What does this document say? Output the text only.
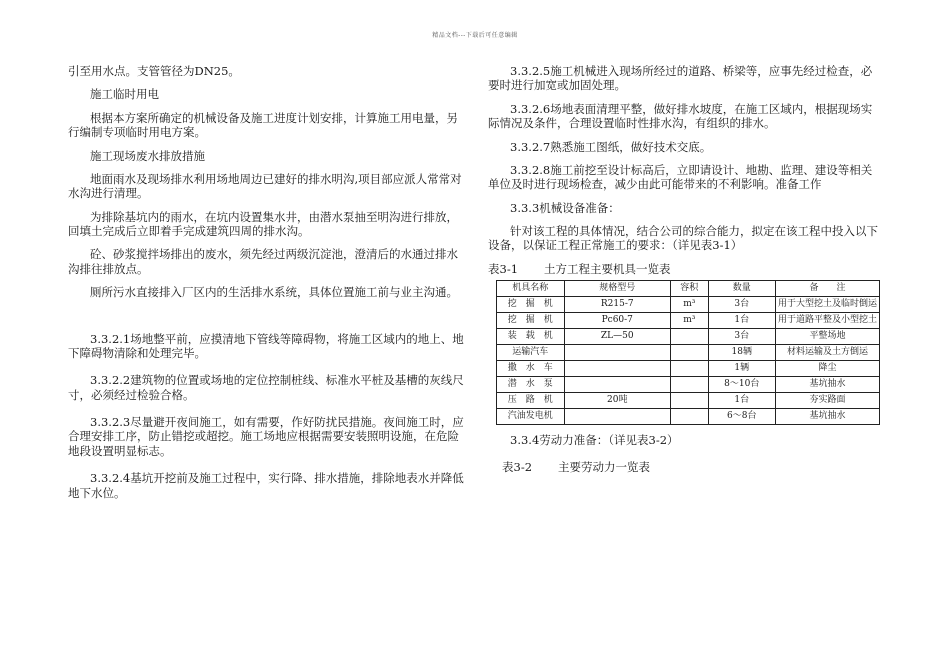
精品文档---下载后可任意编辑

引至用水点。支管管径为DN25。

施工临时用电

根据本方案所确定的机械设备及施工进度计划安排，计算施工用电量，另行编制专项临时用电方案。

施工现场废水排放措施

地面雨水及现场排水利用场地周边已建好的排水明沟,项目部应派人常常对水沟进行清理。

为排除基坑内的雨水，在坑内设置集水井，由潜水泵抽至明沟进行排放，回填土完成后立即着手完成建筑四周的排水沟。

砼、砂浆搅拌场排出的废水，须先经过两级沉淀池，澄清后的水通过排水沟排往排放点。

厕所污水直接排入厂区内的生活排水系统，具体位置施工前与业主沟通。

3.3.2.1场地整平前，应摸清地下管线等障碍物，将施工区域内的地上、地下障碍物清除和处理完毕。

3.3.2.2建筑物的位置或场地的定位控制桩线、标准水平桩及基槽的灰线尺寸，必须经过检验合格。

3.3.2.3尽量避开夜间施工，如有需要，作好防扰民措施。夜间施工时，应合理安排工序，防止错挖或超挖。施工场地应根据需要安装照明设施，在危险地段设置明显标志。

3.3.2.4基坑开挖前及施工过程中，实行降、排水措施，排除地表水并降低地下水位。

3.3.2.5施工机械进入现场所经过的道路、桥梁等，应事先经过检查，必要时进行加宽或加固处理。

3.3.2.6场地表面清理平整，做好排水坡度，在施工区域内，根据现场实际情况及条件，合理设置临时性排水沟，有组织的排水。

3.3.2.7熟悉施工图纸，做好技术交底。

3.3.2.8施工前挖至设计标高后，立即请设计、地勘、监理、建设等相关单位及时进行现场检查，减少由此可能带来的不利影响。准备工作

3.3.3机械设备准备：

针对该工程的具体情况，结合公司的综合能力，拟定在该工程中投入以下设备，以保证工程正常施工的要求：（详见表3-1）

表3-1 土方工程主要机具一览表

机具名称	规格型号	容积	数量	备　　注
挖　掘　机	R215-7	m³	3台	用于大型挖土及临时倒运
挖　掘　机	Pc60-7	m³	1台	用于道路平整及小型挖土
装　载　机	ZL—50		3台	平整场地
运输汽车			18辆	材料运输及土方倒运
撒　水　车			1辆	降尘
潜　水　泵			8～10台	基坑抽水
压　路　机	20吨		1台	夯实路面
汽油发电机			6～8台	基坑抽水

3.3.4劳动力准备：（详见表3-2）

表3-2 主要劳动力一览表
